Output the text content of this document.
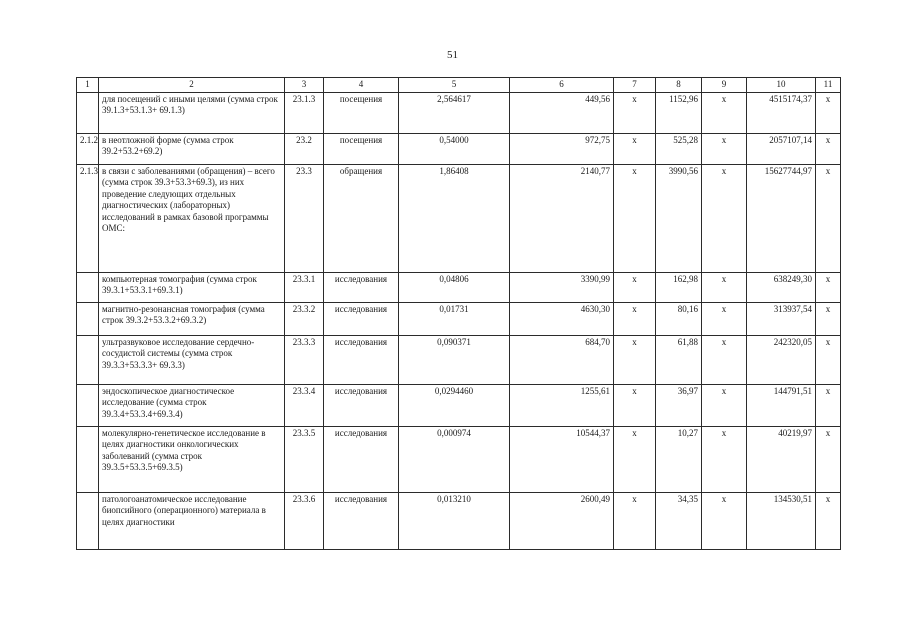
51
1	2	3	4	5	6	7	8	9	10	11
	для посещений с иными целями (сумма строк 39.1.3+53.1.3+ 69.1.3)	23.1.3	посещения	2,564617	449,56	х	1152,96	х	4515174,37	х
2.1.2	в неотложной форме (сумма строк 39.2+53.2+69.2)	23.2	посещения	0,54000	972,75	х	525,28	х	2057107,14	х
2.1.3	в связи с заболеваниями (обращения) – всего (сумма строк 39.3+53.3+69.3), из них проведение следующих отдельных диагностических (лабораторных) исследований в рамках базовой программы ОМС:	23.3	обращения	1,86408	2140,77	х	3990,56	х	15627744,97	х
	компьютерная томография (сумма строк 39.3.1+53.3.1+69.3.1)	23.3.1	исследования	0,04806	3390,99	х	162,98	х	638249,30	х
	магнитно-резонансная томография (сумма строк 39.3.2+53.3.2+69.3.2)	23.3.2	исследования	0,01731	4630,30	х	80,16	х	313937,54	х
	ультразвуковое исследование сердечно-сосудистой системы (сумма строк 39.3.3+53.3.3+ 69.3.3)	23.3.3	исследования	0,090371	684,70	х	61,88	х	242320,05	х
	эндоскопическое диагностическое исследование (сумма строк 39.3.4+53.3.4+69.3.4)	23.3.4	исследования	0,0294460	1255,61	х	36,97	х	144791,51	х
	молекулярно-генетическое исследование в целях диагностики онкологических заболеваний (сумма строк 39.3.5+53.3.5+69.3.5)	23.3.5	исследования	0,000974	10544,37	х	10,27	х	40219,97	х
	патологоанатомическое исследование биопсийного (операционного) материала в целях диагностики	23.3.6	исследования	0,013210	2600,49	х	34,35	х	134530,51	х
